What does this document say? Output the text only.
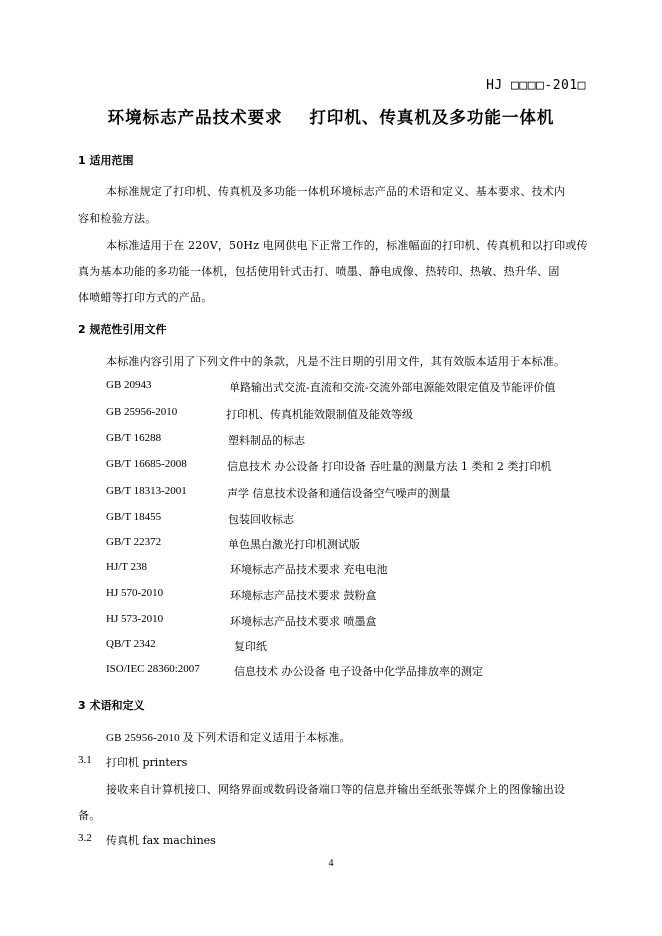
HJ □□□□-201□
环境标志产品技术要求 打印机、传真机及多功能一体机
1 适用范围
本标准规定了打印机、传真机及多功能一体机环境标志产品的术语和定义、基本要求、技术内
容和检验方法。
本标准适用于在 220V，50Hz 电网供电下正常工作的，标准幅面的打印机、传真机和以打印或传
真为基本功能的多功能一体机，包括使用针式击打、喷墨、静电成像、热转印、热敏、热升华、固
体喷蜡等打印方式的产品。
2 规范性引用文件
本标准内容引用了下列文件中的条款，凡是不注日期的引用文件，其有效版本适用于本标准。
GB 20943	单路输出式交流-直流和交流-交流外部电源能效限定值及节能评价值
GB 25956-2010	打印机、传真机能效限制值及能效等级
GB/T 16288	塑料制品的标志
GB/T 16685-2008	信息技术 办公设备 打印设备 吞吐量的测量方法 1 类和 2 类打印机
GB/T 18313-2001	声学 信息技术设备和通信设备空气噪声的测量
GB/T 18455	包装回收标志
GB/T 22372	单色黑白激光打印机测试版
HJ/T 238	环境标志产品技术要求 充电电池
HJ 570-2010	环境标志产品技术要求 鼓粉盒
HJ 573-2010	环境标志产品技术要求 喷墨盒
QB/T 2342	复印纸
ISO/IEC 28360:2007	信息技术 办公设备 电子设备中化学品排放率的测定
3 术语和定义
GB 25956-2010 及下列术语和定义适用于本标准。
3.1 打印机 printers
接收来自计算机接口、网络界面或数码设备端口等的信息并输出至纸张等媒介上的图像输出设
备。
3.2 传真机 fax machines
4
